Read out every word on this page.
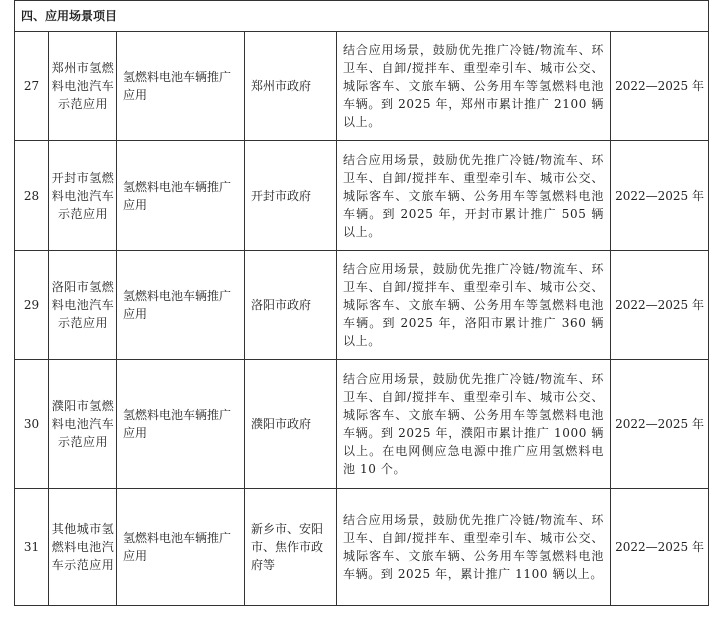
四、应用场景项目					
27	郑州市氢燃料电池汽车示范应用	氢燃料电池车辆推广应用	郑州市政府	结合应用场景，鼓励优先推广冷链/物流车、环卫车、自卸/搅拌车、重型牵引车、城市公交、城际客车、文旅车辆、公务用车等氢燃料电池车辆。到 2025 年，郑州市累计推广 2100 辆以上。	2022—2025 年
28	开封市氢燃料电池汽车示范应用	氢燃料电池车辆推广应用	开封市政府	结合应用场景，鼓励优先推广冷链/物流车、环卫车、自卸/搅拌车、重型牵引车、城市公交、城际客车、文旅车辆、公务用车等氢燃料电池车辆。到 2025 年，开封市累计推广 505 辆以上。	2022—2025 年
29	洛阳市氢燃料电池汽车示范应用	氢燃料电池车辆推广应用	洛阳市政府	结合应用场景，鼓励优先推广冷链/物流车、环卫车、自卸/搅拌车、重型牵引车、城市公交、城际客车、文旅车辆、公务用车等氢燃料电池车辆。到 2025 年，洛阳市累计推广 360 辆以上。	2022—2025 年
30	濮阳市氢燃料电池汽车示范应用	氢燃料电池车辆推广应用	濮阳市政府	结合应用场景，鼓励优先推广冷链/物流车、环卫车、自卸/搅拌车、重型牵引车、城市公交、城际客车、文旅车辆、公务用车等氢燃料电池车辆。到 2025 年，濮阳市累计推广 1000 辆以上。在电网侧应急电源中推广应用氢燃料电池 10 个。	2022—2025 年
31	其他城市氢燃料电池汽车示范应用	氢燃料电池车辆推广应用	新乡市、安阳市、焦作市政府等	结合应用场景，鼓励优先推广冷链/物流车、环卫车、自卸/搅拌车、重型牵引车、城市公交、城际客车、文旅车辆、公务用车等氢燃料电池车辆。到 2025 年，累计推广 1100 辆以上。	2022—2025 年
